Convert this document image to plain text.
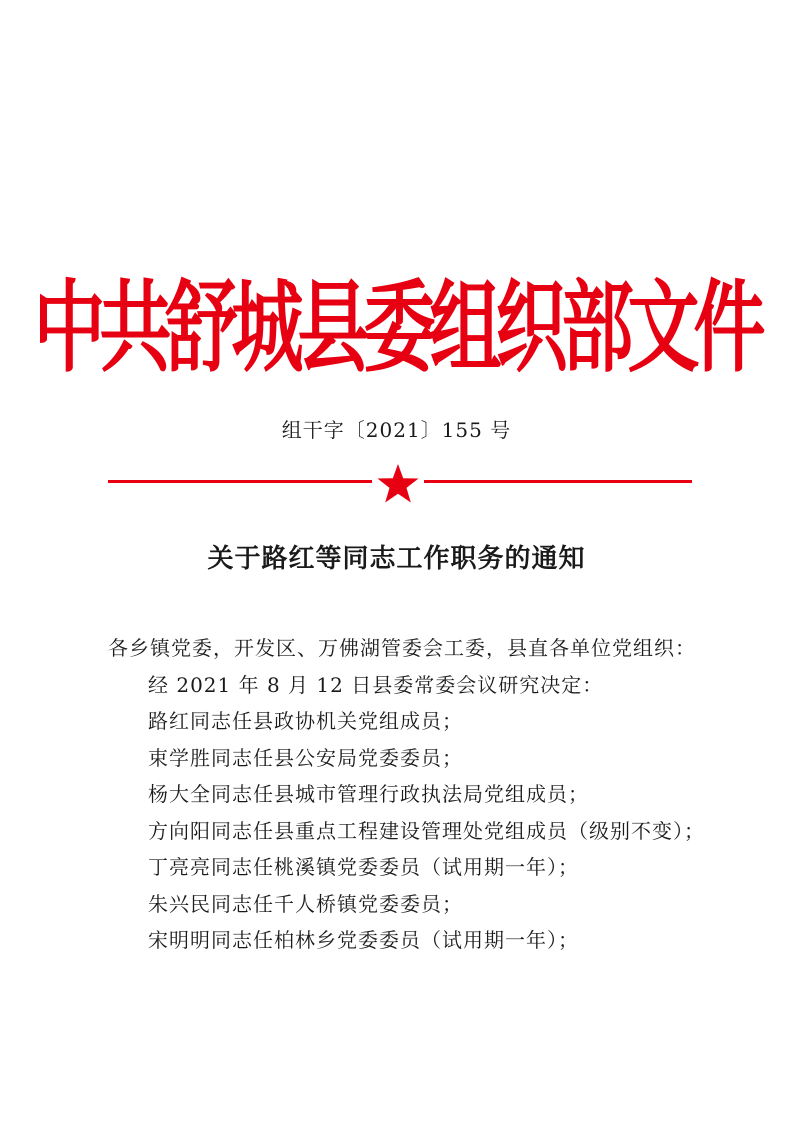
中共舒城县委组织部文件
组干字〔2021〕155 号
关于路红等同志工作职务的通知
各乡镇党委，开发区、万佛湖管委会工委，县直各单位党组织：
经 2021 年 8 月 12 日县委常委会议研究决定：
路红同志任县政协机关党组成员；
束学胜同志任县公安局党委委员；
杨大全同志任县城市管理行政执法局党组成员；
方向阳同志任县重点工程建设管理处党组成员（级别不变）；
丁亮亮同志任桃溪镇党委委员（试用期一年）；
朱兴民同志任千人桥镇党委委员；
宋明明同志任柏林乡党委委员（试用期一年）；
